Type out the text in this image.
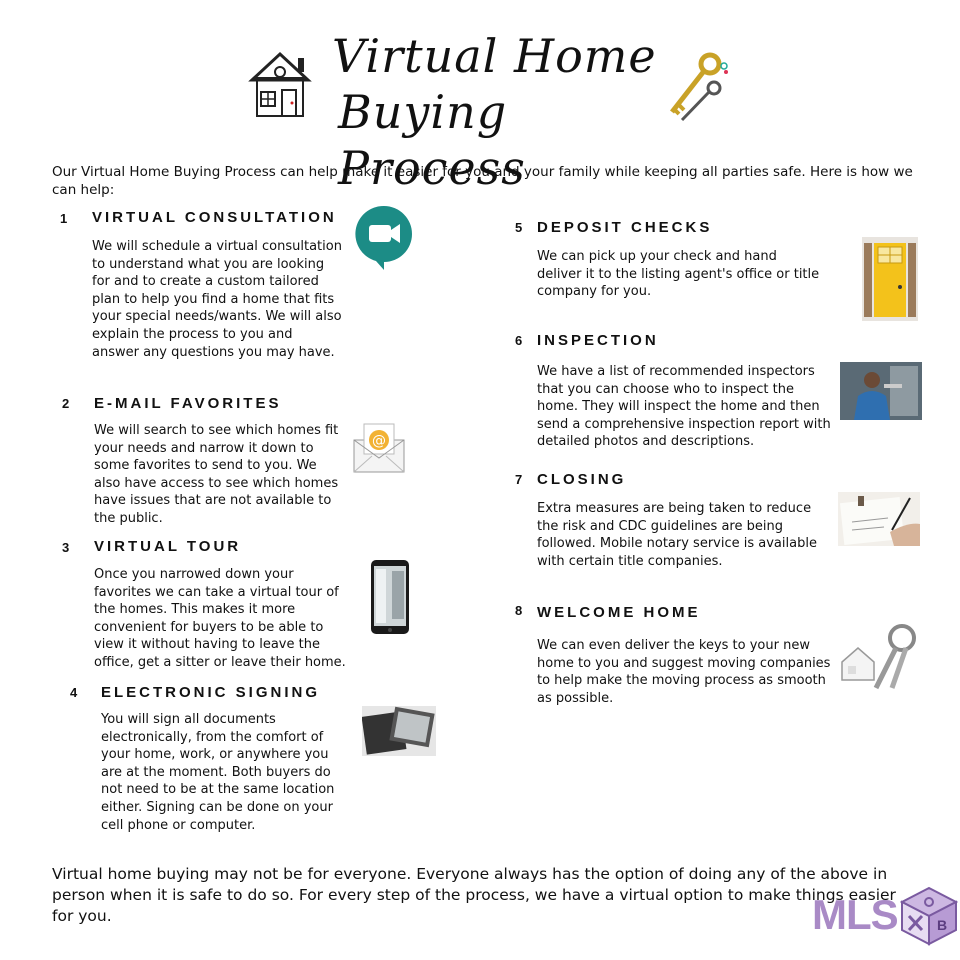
Virtual Home
Buying Process
Our Virtual Home Buying Process can help make it easier for you and your family while keeping all parties safe. Here is how we can help:
1 VIRTUAL CONSULTATION
We will schedule a virtual consultation to understand what you are looking for and to create a custom tailored plan to help you find a home that fits your special needs/wants. We will also explain the process to you and answer any questions you may have.
2 E-MAIL FAVORITES
We will search to see which homes fit your needs and narrow it down to some favorites to send to you. We also have access to see which homes have issues that are not available to the public.
@
3 VIRTUAL TOUR
Once you narrowed down your favorites we can take a virtual tour of the homes. This makes it more convenient for buyers to be able to view it without having to leave the office, get a sitter or leave their home.
4 ELECTRONIC SIGNING
You will sign all documents electronically, from the comfort of your home, work, or anywhere you are at the moment. Both buyers do not need to be at the same location either. Signing can be done on your cell phone or computer.
5 DEPOSIT CHECKS
We can pick up your check and hand deliver it to the listing agent's office or title company for you.
6 INSPECTION
We have a list of recommended inspectors that you can choose who to inspect the home. They will inspect the home and then send a comprehensive inspection report with detailed photos and descriptions.
7 CLOSING
Extra measures are being taken to reduce the risk and CDC guidelines are being followed. Mobile notary service is available with certain title companies.
8 WELCOME HOME
We can even deliver the keys to your new home to you and suggest moving companies to help make the moving process as smooth as possible.
Virtual home buying may not be for everyone. Everyone always has the option of doing any of the above in person when it is safe to do so. For every step of the process, we have a virtual option to make things easier for you.	MLS	B
